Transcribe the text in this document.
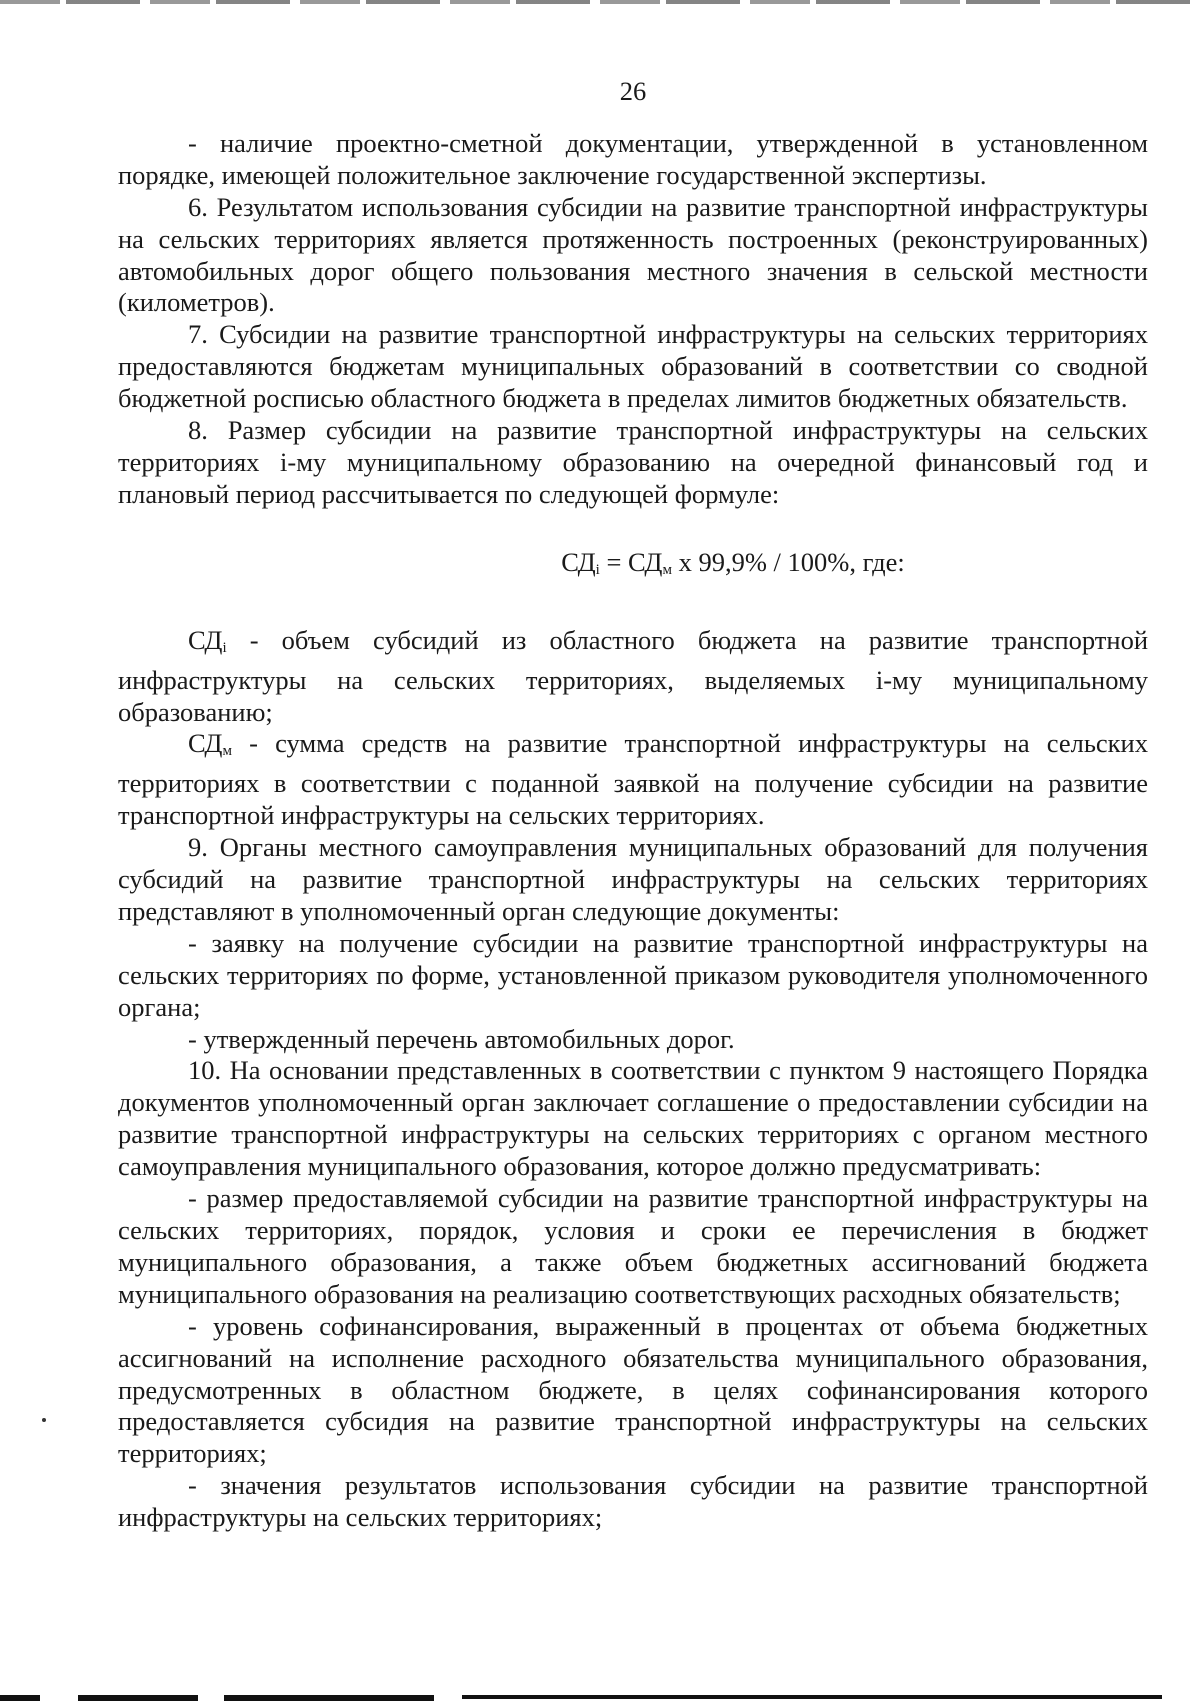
26

- наличие проектно-сметной документации, утвержденной в установленном порядке, имеющей положительное заключение государственной экспертизы.

6. Результатом использования субсидии на развитие транспортной инфраструктуры на сельских территориях является протяженность построенных (реконструированных) автомобильных дорог общего пользования местного значения в сельской местности (километров).

7. Субсидии на развитие транспортной инфраструктуры на сельских территориях предоставляются бюджетам муниципальных образований в соответствии со сводной бюджетной росписью областного бюджета в пределах лимитов бюджетных обязательств.

8. Размер субсидии на развитие транспортной инфраструктуры на сельских территориях i-му муниципальному образованию на очередной финансовый год и плановый период рассчитывается по следующей формуле:

$СД_i = СД_м$ х 99,9% / 100%, где:

$СД_i$ - объем субсидий из областного бюджета на развитие транспортной инфраструктуры на сельских территориях, выделяемых i-му муниципальному образованию;

$СД_м$ - сумма средств на развитие транспортной инфраструктуры на сельских территориях в соответствии с поданной заявкой на получение субсидии на развитие транспортной инфраструктуры на сельских территориях.

9. Органы местного самоуправления муниципальных образований для получения субсидий на развитие транспортной инфраструктуры на сельских территориях представляют в уполномоченный орган следующие документы:

- заявку на получение субсидии на развитие транспортной инфраструктуры на сельских территориях по форме, установленной приказом руководителя уполномоченного органа;

- утвержденный перечень автомобильных дорог.

10. На основании представленных в соответствии с пунктом 9 настоящего Порядка документов уполномоченный орган заключает соглашение о предоставлении субсидии на развитие транспортной инфраструктуры на сельских территориях с органом местного самоуправления муниципального образования, которое должно предусматривать:

- размер предоставляемой субсидии на развитие транспортной инфраструктуры на сельских территориях, порядок, условия и сроки ее перечисления в бюджет муниципального образования, а также объем бюджетных ассигнований бюджета муниципального образования на реализацию соответствующих расходных обязательств;

- уровень софинансирования, выраженный в процентах от объема бюджетных ассигнований на исполнение расходного обязательства муниципального образования, предусмотренных в областном бюджете, в целях софинансирования которого предоставляется субсидия на развитие транспортной инфраструктуры на сельских территориях;

- значения результатов использования субсидии на развитие транспортной инфраструктуры на сельских территориях;
